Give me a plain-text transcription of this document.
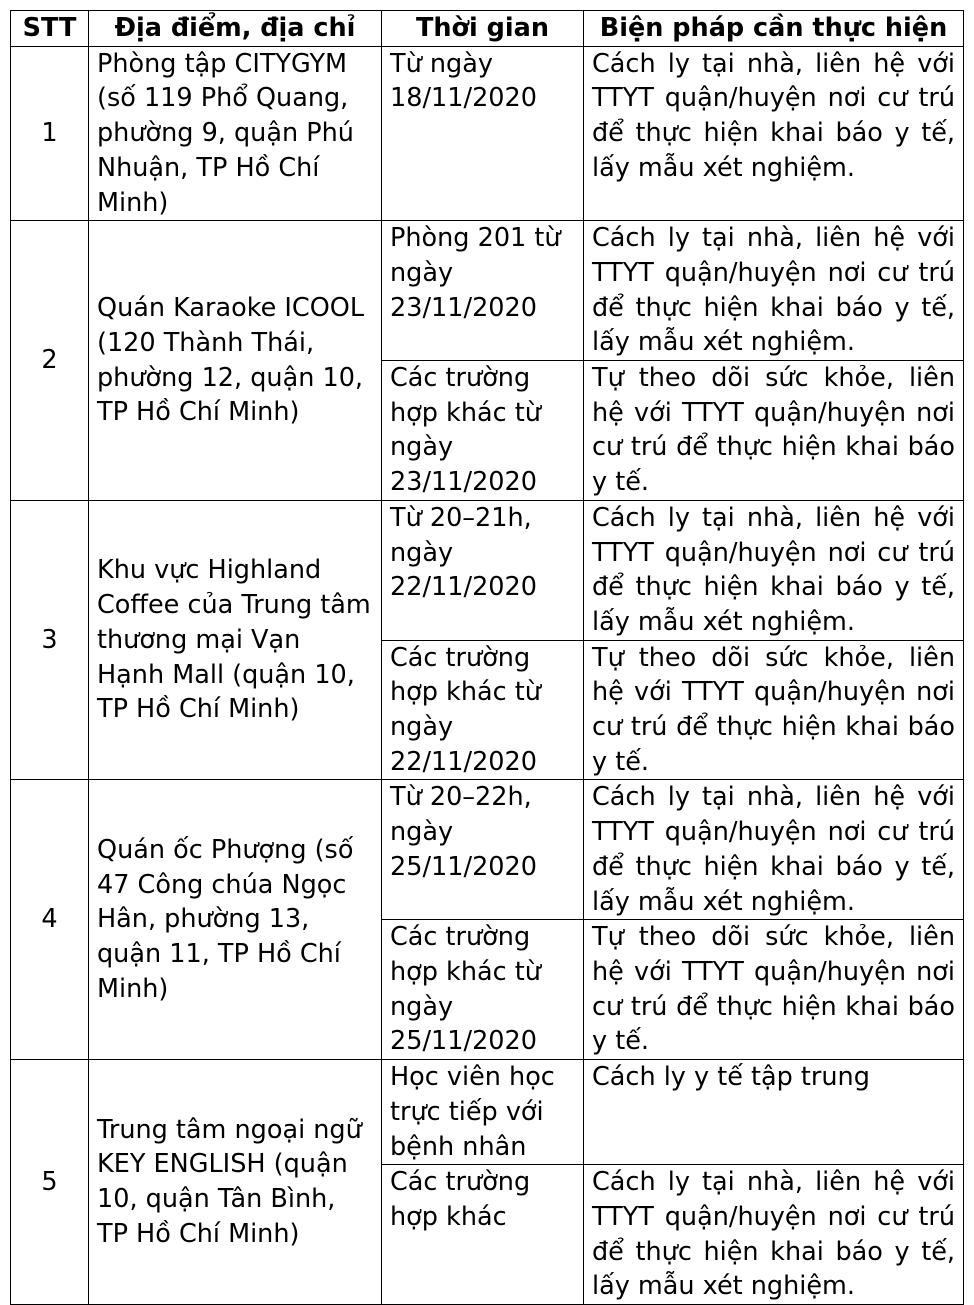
STT	Địa điểm, địa chỉ	Thời gian	Biện pháp cần thực hiện
1	Phòng tập CITYGYM (số 119 Phổ Quang, phường 9, quận Phú Nhuận, TP Hồ Chí Minh)	Từ ngày 18/11/2020	Cách ly tại nhà, liên hệ với TTYT quận/huyện nơi cư trú để thực hiện khai báo y tế, lấy mẫu xét nghiệm.
2	Quán Karaoke ICOOL (120 Thành Thái, phường 12, quận 10, TP Hồ Chí Minh)	Phòng 201 từ ngày 23/11/2020	Cách ly tại nhà, liên hệ với TTYT quận/huyện nơi cư trú để thực hiện khai báo y tế, lấy mẫu xét nghiệm.
		Các trường hợp khác từ ngày 23/11/2020	Tự theo dõi sức khỏe, liên hệ với TTYT quận/huyện nơi cư trú để thực hiện khai báo y tế.
3	Khu vực Highland Coffee của Trung tâm thương mại Vạn Hạnh Mall (quận 10, TP Hồ Chí Minh)	Từ 20–21h, ngày 22/11/2020	Cách ly tại nhà, liên hệ với TTYT quận/huyện nơi cư trú để thực hiện khai báo y tế, lấy mẫu xét nghiệm.
		Các trường hợp khác từ ngày 22/11/2020	Tự theo dõi sức khỏe, liên hệ với TTYT quận/huyện nơi cư trú để thực hiện khai báo y tế.
4	Quán ốc Phượng (số 47 Công chúa Ngọc Hân, phường 13, quận 11, TP Hồ Chí Minh)	Từ 20–22h, ngày 25/11/2020	Cách ly tại nhà, liên hệ với TTYT quận/huyện nơi cư trú để thực hiện khai báo y tế, lấy mẫu xét nghiệm.
		Các trường hợp khác từ ngày 25/11/2020	Tự theo dõi sức khỏe, liên hệ với TTYT quận/huyện nơi cư trú để thực hiện khai báo y tế.
5	Trung tâm ngoại ngữ KEY ENGLISH (quận 10, quận Tân Bình, TP Hồ Chí Minh)	Học viên học trực tiếp với bệnh nhân	Cách ly y tế tập trung
		Các trường hợp khác	Cách ly tại nhà, liên hệ với TTYT quận/huyện nơi cư trú để thực hiện khai báo y tế, lấy mẫu xét nghiệm.
